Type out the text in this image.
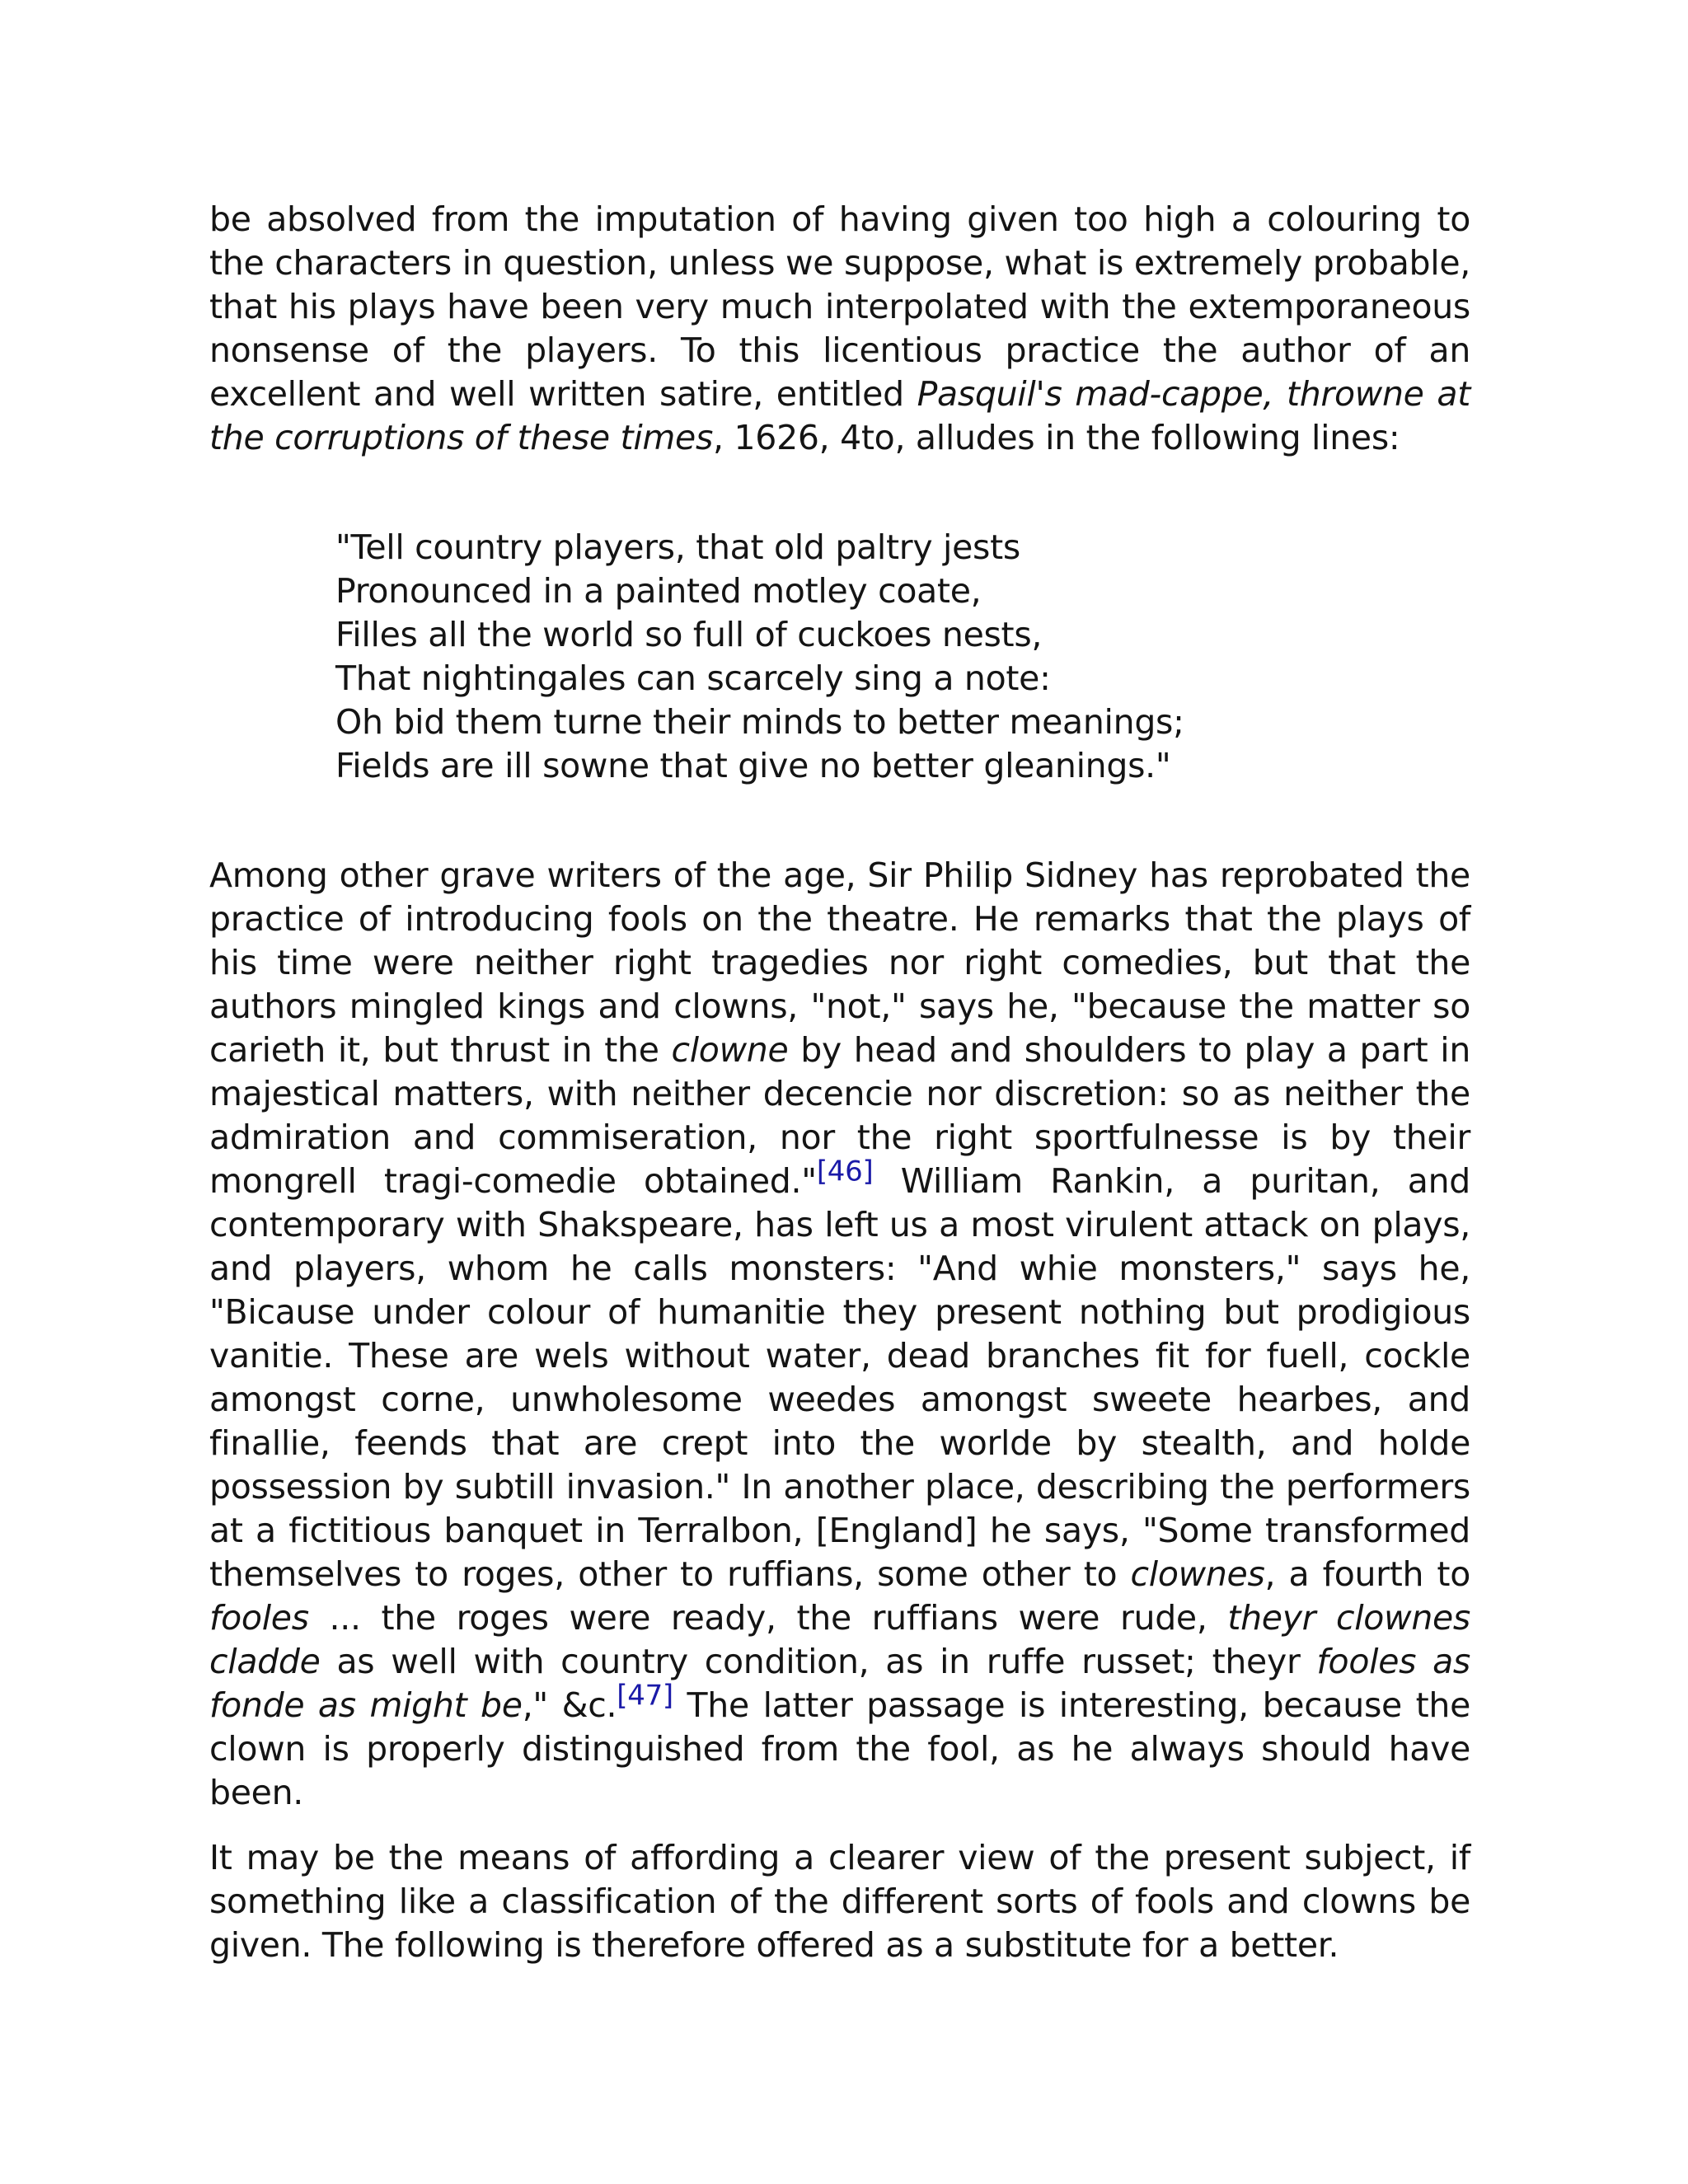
be absolved from the imputation of having given too high a colouring to the characters in question, unless we suppose, what is extremely probable, that his plays have been very much interpolated with the extemporaneous nonsense of the players. To this licentious practice the author of an excellent and well written satire, entitled Pasquil's mad-cappe, throwne at the corruptions of these times, 1626, 4to, alludes in the following lines:

"Tell country players, that old paltry jests
Pronounced in a painted motley coate,
Filles all the world so full of cuckoes nests,
That nightingales can scarcely sing a note:
Oh bid them turne their minds to better meanings;
Fields are ill sowne that give no better gleanings."

Among other grave writers of the age, Sir Philip Sidney has reprobated the practice of introducing fools on the theatre. He remarks that the plays of his time were neither right tragedies nor right comedies, but that the authors mingled kings and clowns, "not," says he, "because the matter so carieth it, but thrust in the clowne by head and shoulders to play a part in majestical matters, with neither decencie nor discretion: so as neither the admiration and commiseration, nor the right sportfulnesse is by their mongrell tragi-comedie obtained."[46] William Rankin, a puritan, and contemporary with Shakspeare, has left us a most virulent attack on plays, and players, whom he calls monsters: "And whie monsters," says he, "Bicause under colour of humanitie they present nothing but prodigious vanitie. These are wels without water, dead branches fit for fuell, cockle amongst corne, unwholesome weedes amongst sweete hearbes, and finallie, feends that are crept into the worlde by stealth, and holde possession by subtill invasion." In another place, describing the performers at a fictitious banquet in Terralbon, [England] he says, "Some transformed themselves to roges, other to ruffians, some other to clownes, a fourth to fooles ... the roges were ready, the ruffians were rude, theyr clownes cladde as well with country condition, as in ruffe russet; theyr fooles as fonde as might be," &c.[47] The latter passage is interesting, because the clown is properly distinguished from the fool, as he always should have been.

It may be the means of affording a clearer view of the present subject, if something like a classification of the different sorts of fools and clowns be given. The following is therefore offered as a substitute for a better.
